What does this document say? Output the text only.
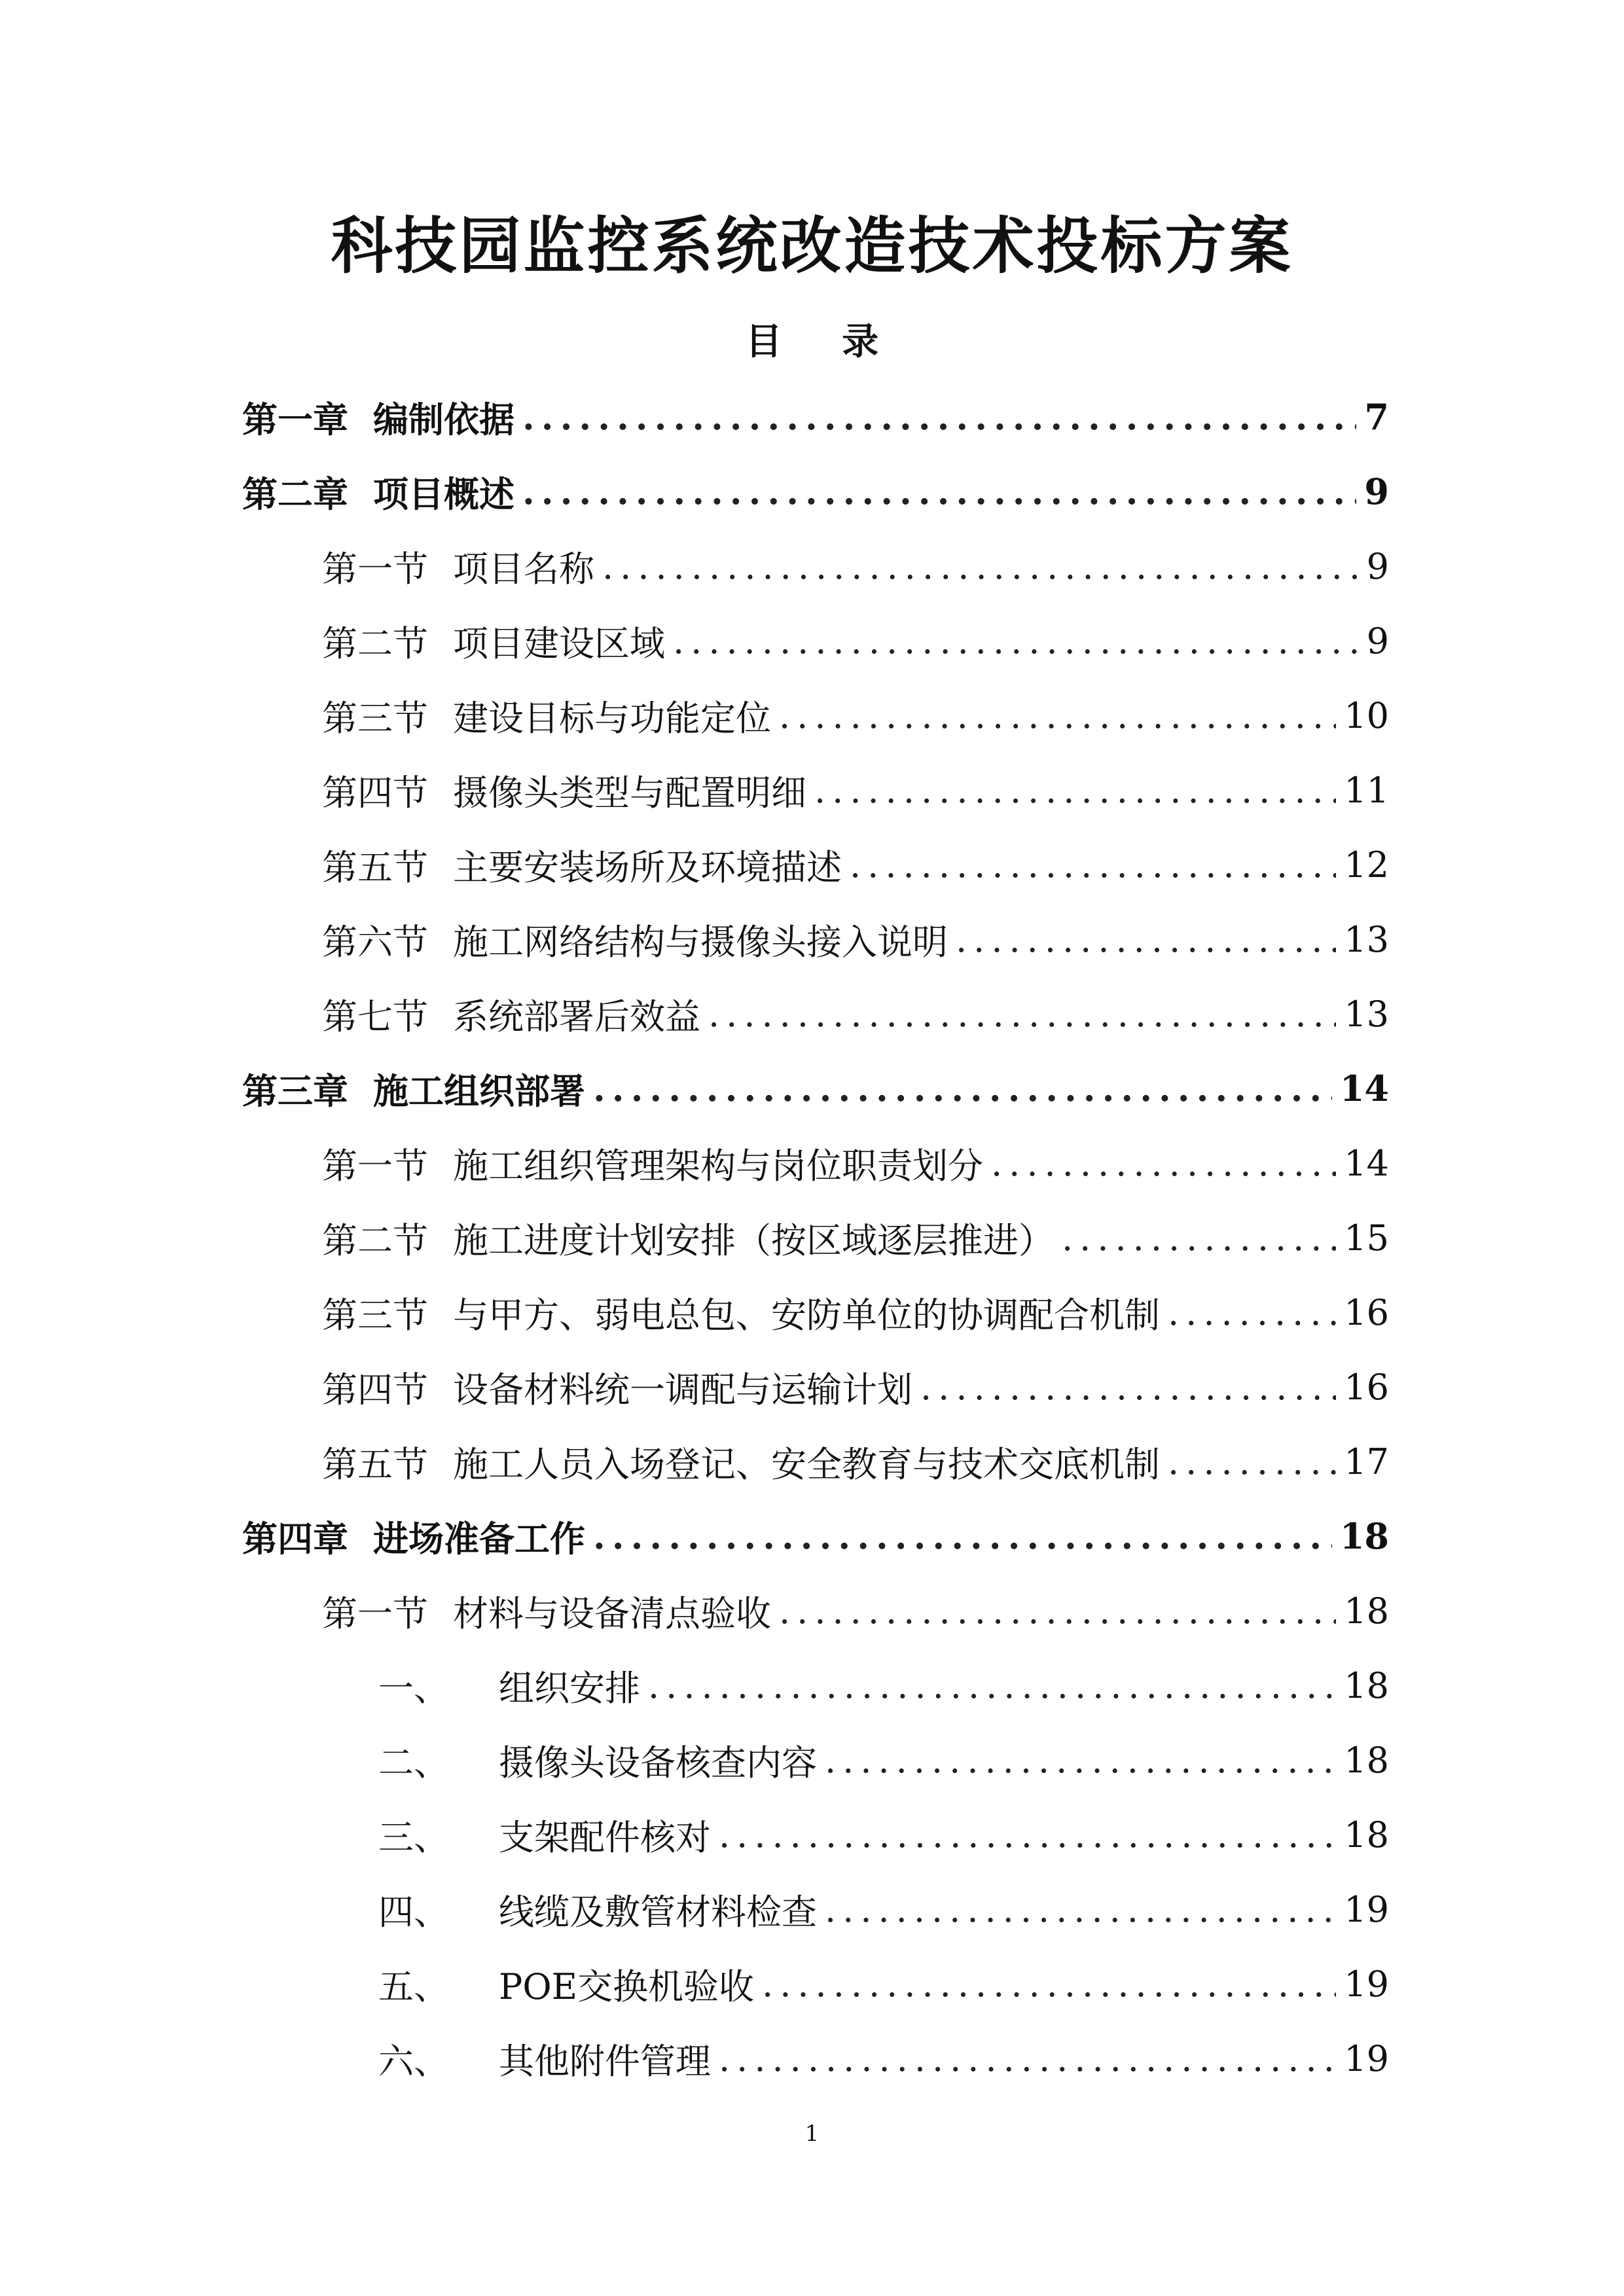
科技园监控系统改造技术投标方案
目 录
第一章 编制依据 .....	7
第二章 项目概述 .....	9
第一节 项目名称 .....	9
第二节 项目建设区域 .....	9
第三节 建设目标与功能定位 .....	10
第四节 摄像头类型与配置明细 .....	11
第五节 主要安装场所及环境描述 .....	12
第六节 施工网络结构与摄像头接入说明 .....	13
第七节 系统部署后效益 .....	13
第三章 施工组织部署 .....	14
第一节 施工组织管理架构与岗位职责划分 .....	14
第二节 施工进度计划安排（按区域逐层推进） .....	15
第三节 与甲方、弱电总包、安防单位的协调配合机制 .....	16
第四节 设备材料统一调配与运输计划 .....	16
第五节 施工人员入场登记、安全教育与技术交底机制 .....	17
第四章 进场准备工作 .....	18
第一节 材料与设备清点验收 .....	18
一、 组织安排 .....	18
二、 摄像头设备核查内容 .....	18
三、 支架配件核对 .....	18
四、 线缆及敷管材料检查 .....	19
五、 POE交换机验收 .....	19
六、 其他附件管理 .....	19
1
